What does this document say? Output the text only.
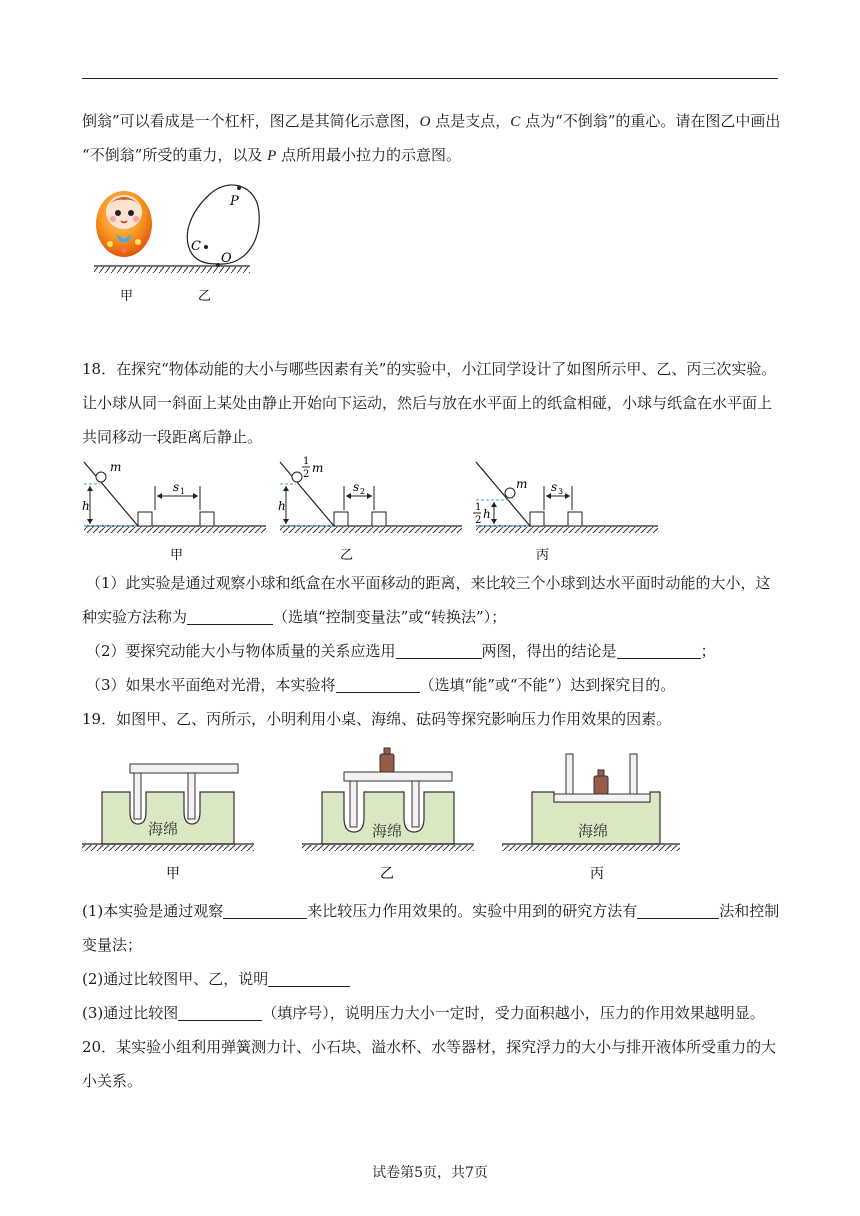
倒翁”可以看成是一个杠杆，图乙是其简化示意图，O 点是支点，C 点为“不倒翁”的重心。请在图乙中画出
“不倒翁”所受的重力，以及 P 点所用最小拉力的示意图。
P
C
O
甲	乙
18．在探究“物体动能的大小与哪些因素有关”的实验中，小江同学设计了如图所示甲、乙、丙三次实验。
让小球从同一斜面上某处由静止开始向下运动，然后与放在水平面上的纸盒相碰，小球与纸盒在水平面上
共同移动一段距离后静止。
m
h
s 1
甲
1
2 m
h
s 2
乙
m
1
2 h
s 3
丙
（1）此实验是通过观察小球和纸盒在水平面移动的距离，来比较三个小球到达水平面时动能的大小，这
种实验方法称为	（选填“控制变量法”或“转换法”）；
（2）要探究动能大小与物体质量的关系应选用	两图，得出的结论是	；
（3）如果水平面绝对光滑，本实验将	（选填“能”或“不能”）达到探究目的。
19．如图甲、乙、丙所示，小明利用小桌、海绵、砝码等探究影响压力作用效果的因素。
海绵
甲
海绵
乙
海绵
丙
(1)本实验是通过观察	来比较压力作用效果的。实验中用到的研究方法有	法和控制
变量法；
(2)通过比较图甲、乙，说明
(3)通过比较图	（填序号），说明压力大小一定时，受力面积越小，压力的作用效果越明显。
20．某实验小组利用弹簧测力计、小石块、溢水杯、水等器材，探究浮力的大小与排开液体所受重力的大
小关系。
试卷第5页，共7页
